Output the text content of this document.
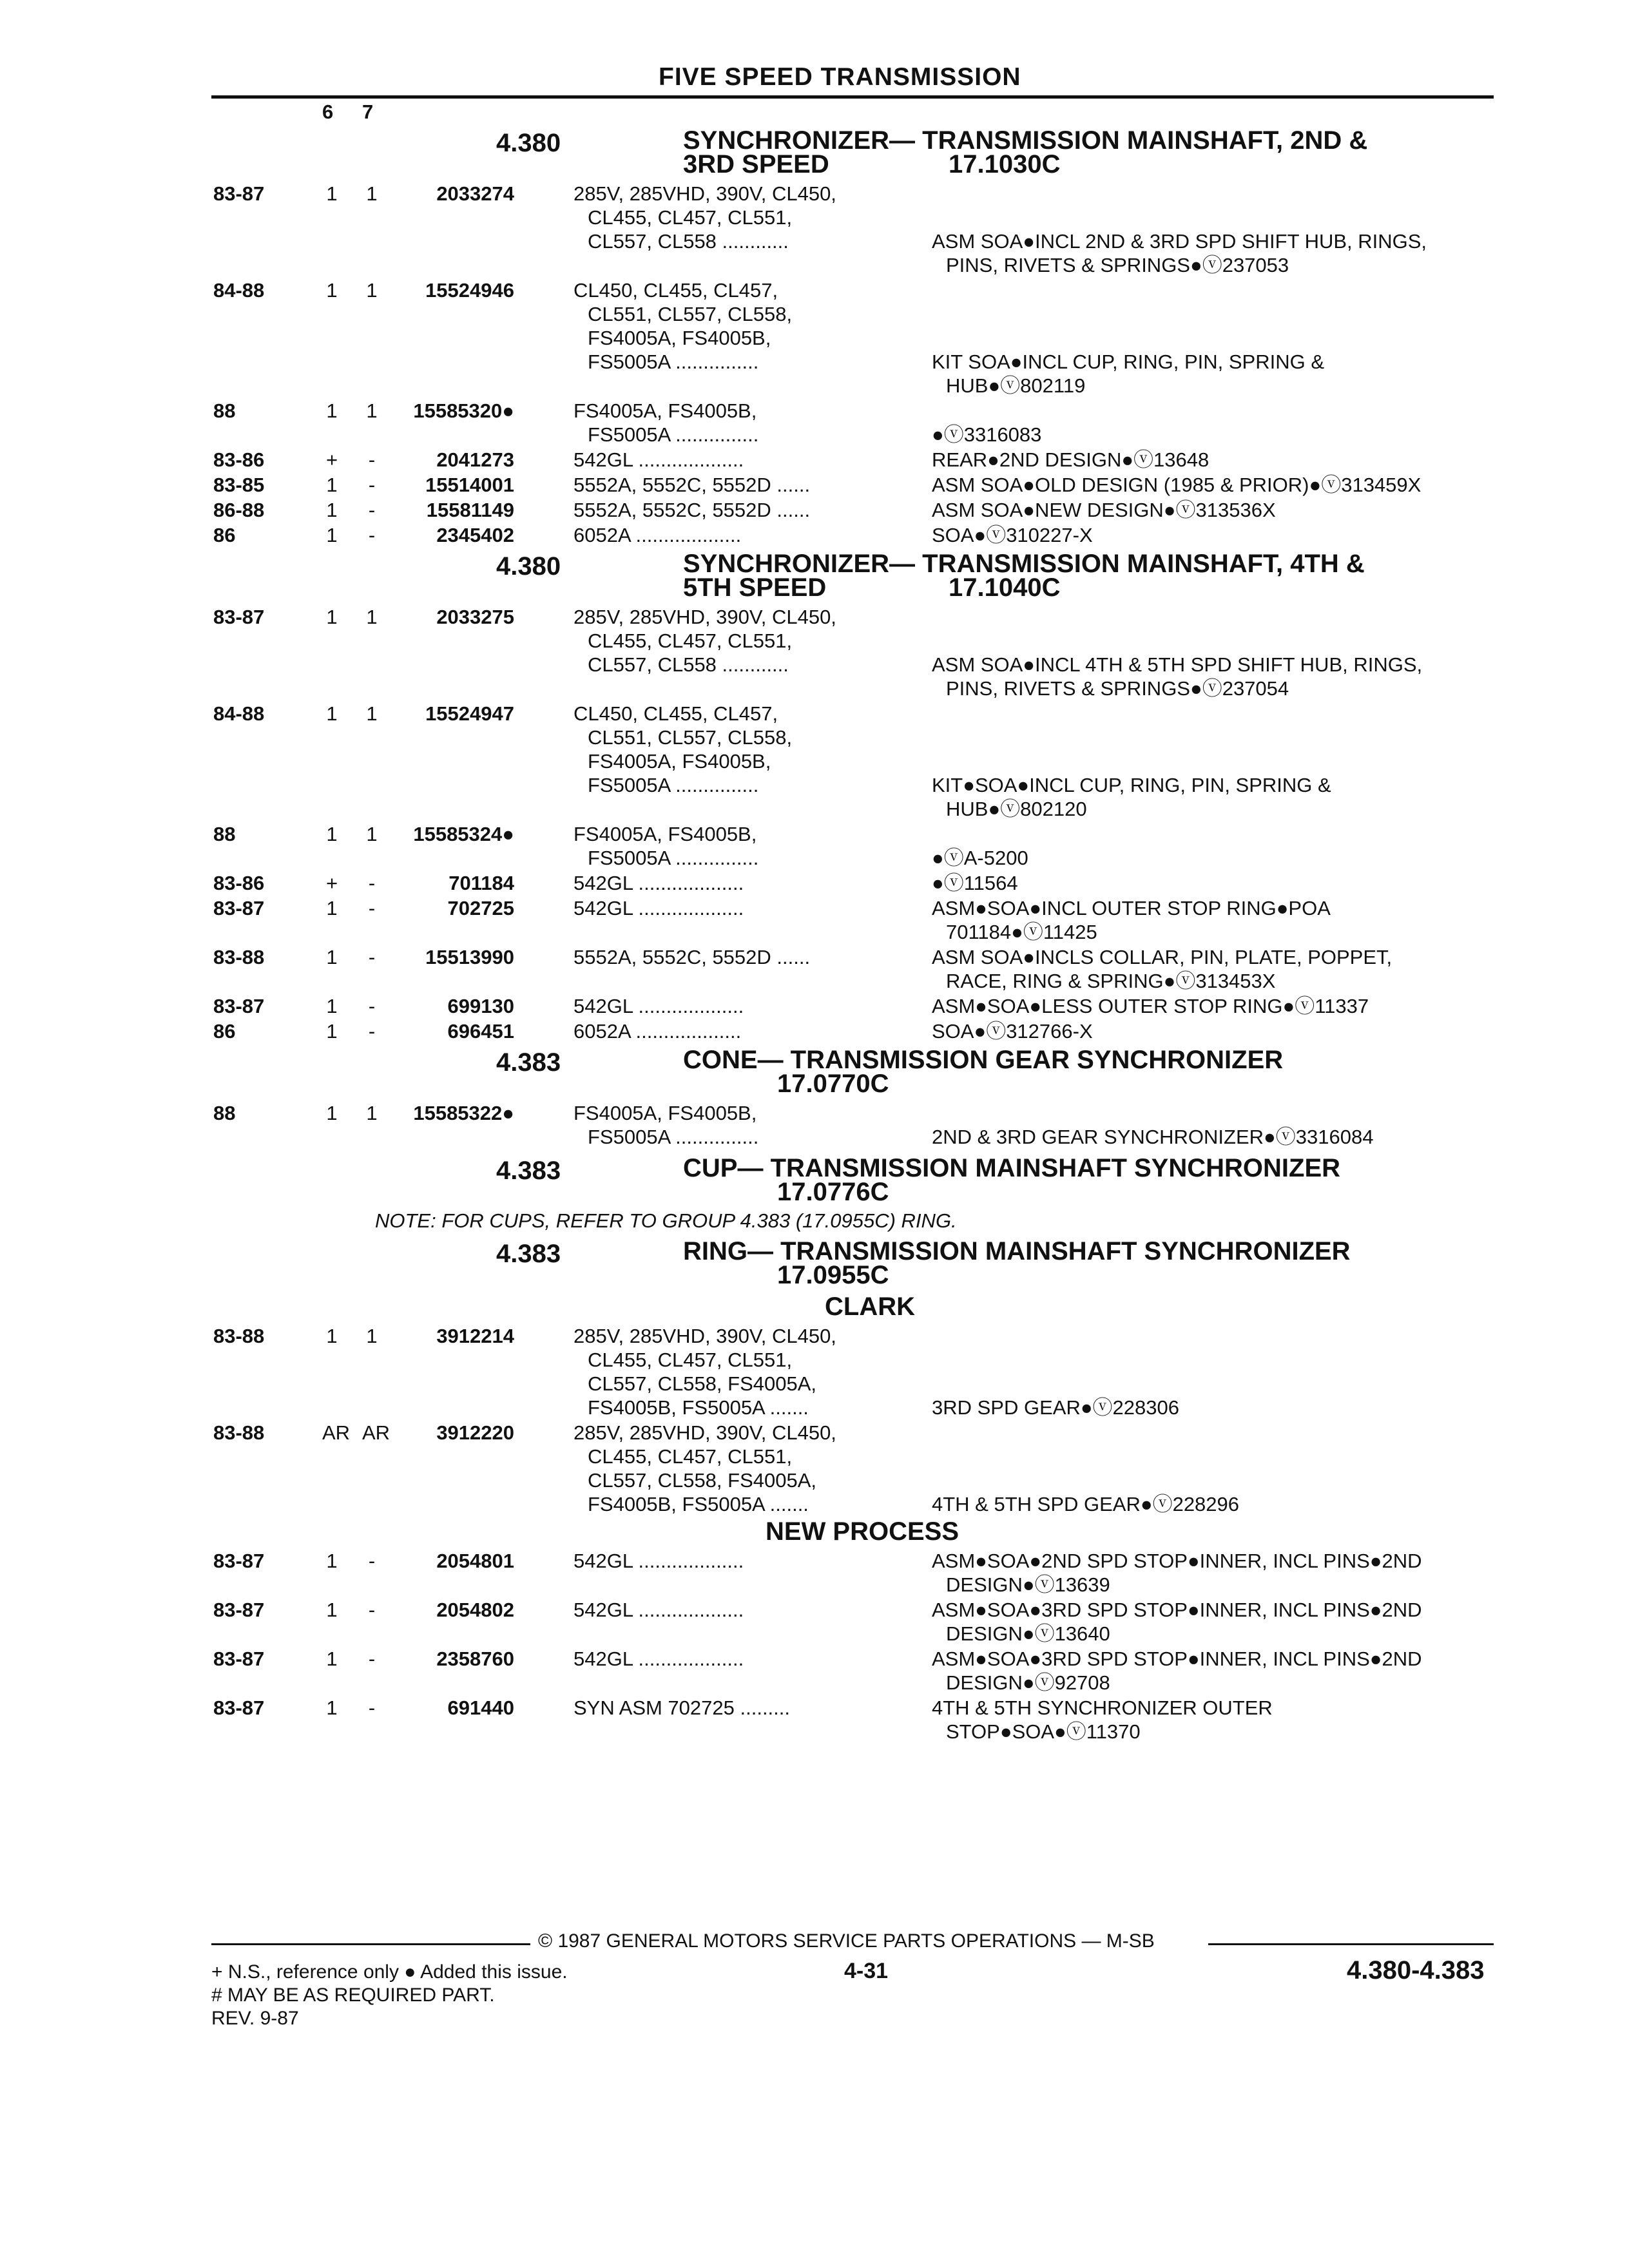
FIVE SPEED TRANSMISSION
6 7
4.380	SYNCHRONIZER— TRANSMISSION MAINSHAFT, 2ND &
3RD SPEED	17.1030C
83-87	1 1	2033274	285V, 285VHD, 390V, CL450,
CL455, CL457, CL551,
CL557, CL558 ............	ASM SOA●INCL 2ND & 3RD SPD SHIFT HUB, RINGS,
PINS, RIVETS & SPRINGS●ⓥ237053
84-88	1 1	15524946	CL450, CL455, CL457,
CL551, CL557, CL558,
FS4005A, FS4005B,
FS5005A ...............	KIT SOA●INCL CUP, RING, PIN, SPRING &
HUB●ⓥ802119
88	1 1	15585320●	FS4005A, FS4005B,
FS5005A ...............	●ⓥ3316083
83-86	+	-	2041273	542GL ...................	REAR●2ND DESIGN●ⓥ13648
83-85	1	-	15514001	5552A, 5552C, 5552D ......	ASM SOA●OLD DESIGN (1985 & PRIOR)●ⓥ313459X
86-88	1	-	15581149	5552A, 5552C, 5552D ......	ASM SOA●NEW DESIGN●ⓥ313536X
86	1	-	2345402	6052A ...................	SOA●ⓥ310227-X
4.380	SYNCHRONIZER— TRANSMISSION MAINSHAFT, 4TH &
5TH SPEED	17.1040C
83-87	1 1	2033275	285V, 285VHD, 390V, CL450,
CL455, CL457, CL551,
CL557, CL558 ............	ASM SOA●INCL 4TH & 5TH SPD SHIFT HUB, RINGS,
PINS, RIVETS & SPRINGS●ⓥ237054
84-88	1 1	15524947	CL450, CL455, CL457,
CL551, CL557, CL558,
FS4005A, FS4005B,
FS5005A ...............	KIT●SOA●INCL CUP, RING, PIN, SPRING &
HUB●ⓥ802120
88	1 1	15585324●	FS4005A, FS4005B,
FS5005A ...............	●ⓥA-5200
83-86	+	-	701184	542GL ...................	●ⓥ11564
83-87	1	-	702725	542GL ...................	ASM●SOA●INCL OUTER STOP RING●POA
701184●ⓥ11425
83-88	1	-	15513990	5552A, 5552C, 5552D ......	ASM SOA●INCLS COLLAR, PIN, PLATE, POPPET,
RACE, RING & SPRING●ⓥ313453X
83-87	1	-	699130	542GL ...................	ASM●SOA●LESS OUTER STOP RING●ⓥ11337
86	1	-	696451	6052A ...................	SOA●ⓥ312766-X
4.383	CONE— TRANSMISSION GEAR SYNCHRONIZER
17.0770C
88	1 1	15585322●	FS4005A, FS4005B,
FS5005A ...............	2ND & 3RD GEAR SYNCHRONIZER●ⓥ3316084
4.383	CUP— TRANSMISSION MAINSHAFT SYNCHRONIZER
17.0776C
NOTE: FOR CUPS, REFER TO GROUP 4.383 (17.0955C) RING.
4.383	RING— TRANSMISSION MAINSHAFT SYNCHRONIZER
17.0955C
CLARK
83-88	1 1	3912214	285V, 285VHD, 390V, CL450,
CL455, CL457, CL551,
CL557, CL558, FS4005A,
FS4005B, FS5005A .......	3RD SPD GEAR●ⓥ228306
83-88	AR AR	3912220	285V, 285VHD, 390V, CL450,
CL455, CL457, CL551,
CL557, CL558, FS4005A,
FS4005B, FS5005A .......	4TH & 5TH SPD GEAR●ⓥ228296
NEW PROCESS
83-87	1	-	2054801	542GL ...................	ASM●SOA●2ND SPD STOP●INNER, INCL PINS●2ND
DESIGN●ⓥ13639
83-87	1	-	2054802	542GL ...................	ASM●SOA●3RD SPD STOP●INNER, INCL PINS●2ND
DESIGN●ⓥ13640
83-87	1	-	2358760	542GL ...................	ASM●SOA●3RD SPD STOP●INNER, INCL PINS●2ND
DESIGN●ⓥ92708
83-87	1	-	691440	SYN ASM 702725 .........	4TH & 5TH SYNCHRONIZER OUTER
STOP●SOA●ⓥ11370
© 1987 GENERAL MOTORS SERVICE PARTS OPERATIONS — M-SB
+ N.S., reference only ● Added this issue.	4-31	4.380-4.383
# MAY BE AS REQUIRED PART.
REV. 9-87
